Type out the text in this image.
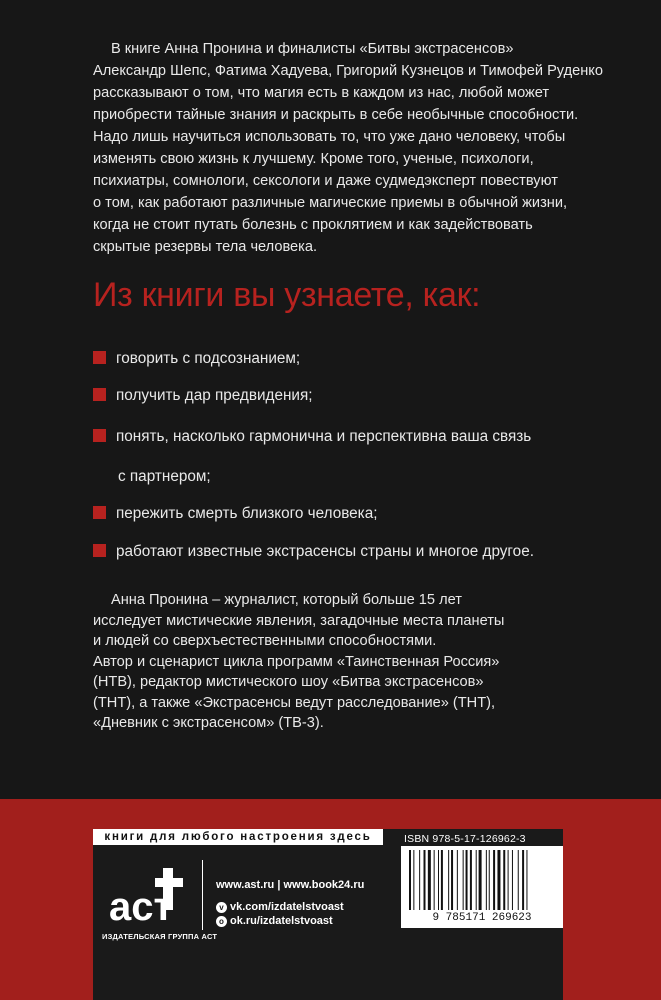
В книге Анна Пронина и финалисты «Битвы экстрасенсов»
Александр Шепс, Фатима Хадуева, Григорий Кузнецов и Тимофей Руденко
рассказывают о том, что магия есть в каждом из нас, любой может
приобрести тайные знания и раскрыть в себе необычные способности.
Надо лишь научиться использовать то, что уже дано человеку, чтобы
изменять свою жизнь к лучшему. Кроме того, ученые, психологи,
психиатры, сомнологи, сексологи и даже судмедэксперт повествуют
о том, как работают различные магические приемы в обычной жизни,
когда не стоит путать болезнь с проклятием и как задействовать
скрытые резервы тела человека.
Из книги вы узнаете, как:
говорить с подсознанием;
получить дар предвидения;
понять, насколько гармонична и перспективна ваша связь
с партнером;
пережить смерть близкого человека;
работают известные экстрасенсы страны и многое другое.
Анна Пронина – журналист, который больше 15 лет
исследует мистические явления, загадочные места планеты
и людей со сверхъестественными способностями.
Автор и сценарист цикла программ «Таинственная Россия»
(НТВ), редактор мистического шоу «Битва экстрасенсов»
(ТНТ), а также «Экстрасенсы ведут расследование» (ТНТ),
«Дневник с экстрасенсом» (ТВ-3).
книги для любого настроения здесь
аст
ИЗДАТЕЛЬСКАЯ ГРУППА АСТ
www.ast.ru | www.book24.ru
v vk.com/izdatelstvoast
o ok.ru/izdatelstvoast
ISBN 978-5-17-126962-3
9 785171 269623
